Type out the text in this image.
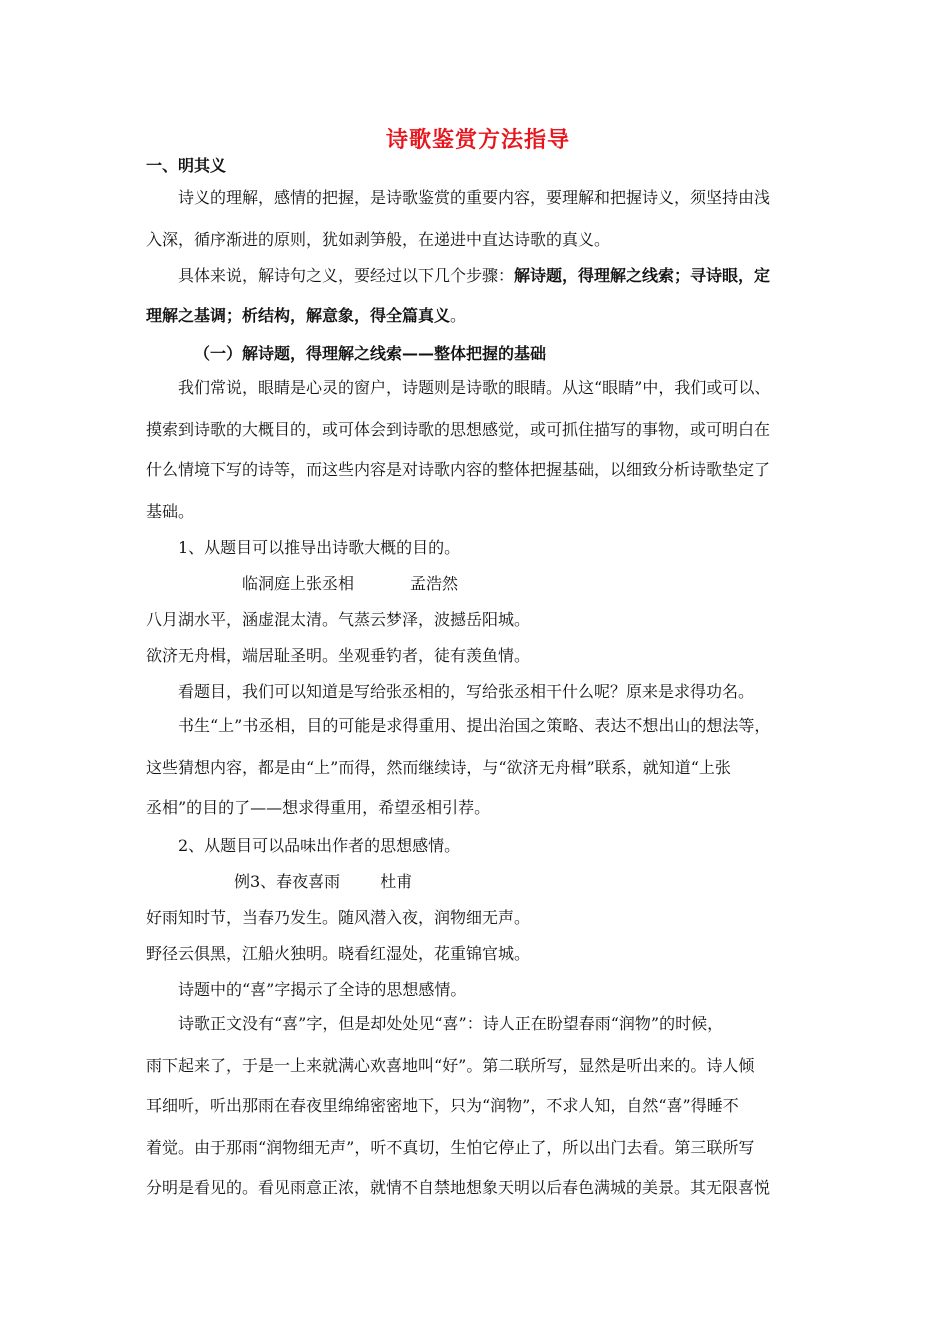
诗歌鉴赏方法指导
一、明其义
诗义的理解，感情的把握，是诗歌鉴赏的重要内容，要理解和把握诗义，须坚持由浅
入深，循序渐进的原则，犹如剥笋般，在递进中直达诗歌的真义。
具体来说，解诗句之义，要经过以下几个步骤：解诗题，得理解之线索；寻诗眼，定
理解之基调；析结构，解意象，得全篇真义。
（一）解诗题，得理解之线索——整体把握的基础
我们常说，眼睛是心灵的窗户，诗题则是诗歌的眼睛。从这“眼睛”中，我们或可以、
摸索到诗歌的大概目的，或可体会到诗歌的思想感觉，或可抓住描写的事物，或可明白在
什么情境下写的诗等，而这些内容是对诗歌内容的整体把握基础，以细致分析诗歌垫定了
基础。
1、从题目可以推导出诗歌大概的目的。
临洞庭上张丞相	孟浩然
八月湖水平，涵虚混太清。气蒸云梦泽，波撼岳阳城。
欲济无舟楫，端居耻圣明。坐观垂钓者，徒有羡鱼情。
看题目，我们可以知道是写给张丞相的，写给张丞相干什么呢？原来是求得功名。
书生“上”书丞相，目的可能是求得重用、提出治国之策略、表达不想出山的想法等，
这些猜想内容，都是由“上”而得，然而继续诗，与“欲济无舟楫”联系，就知道“上张
丞相”的目的了——想求得重用，希望丞相引荐。
2、从题目可以品味出作者的思想感情。
例3、春夜喜雨	杜甫
好雨知时节，当春乃发生。随风潜入夜，润物细无声。
野径云俱黑，江船火独明。晓看红湿处，花重锦官城。
诗题中的“喜”字揭示了全诗的思想感情。
诗歌正文没有“喜”字，但是却处处见“喜”：诗人正在盼望春雨“润物”的时候，
雨下起来了，于是一上来就满心欢喜地叫“好”。第二联所写，显然是听出来的。诗人倾
耳细听，听出那雨在春夜里绵绵密密地下，只为“润物”，不求人知，自然“喜”得睡不
着觉。由于那雨“润物细无声”，听不真切，生怕它停止了，所以出门去看。第三联所写
分明是看见的。看见雨意正浓，就情不自禁地想象天明以后春色满城的美景。其无限喜悦
